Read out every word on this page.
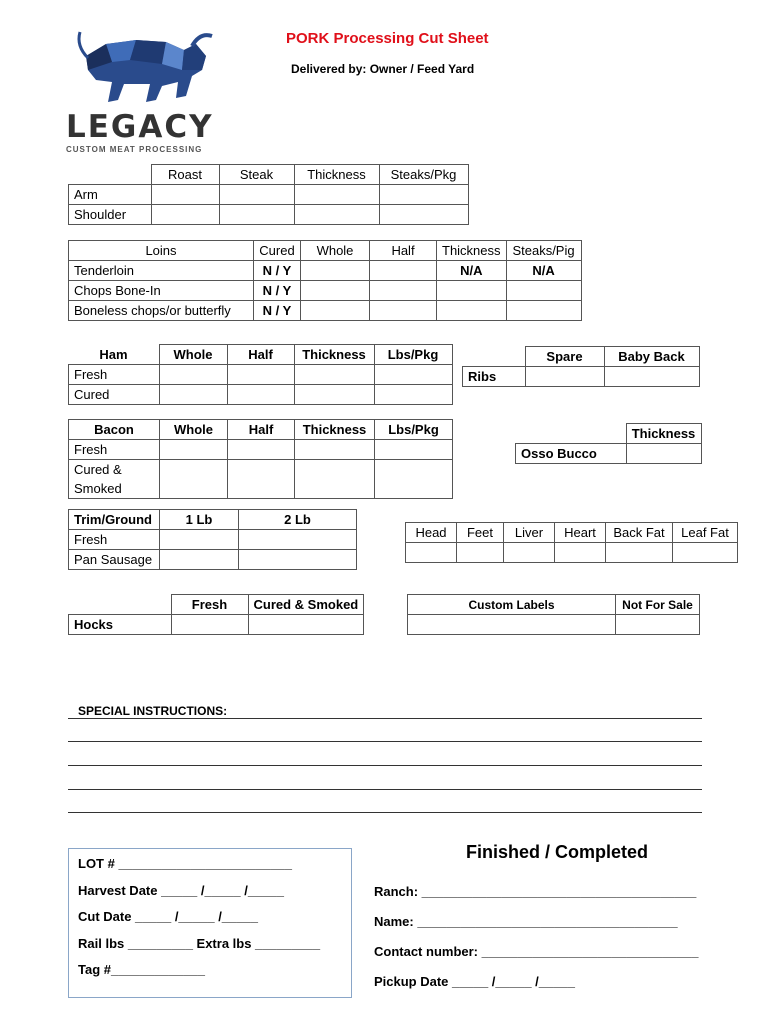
PORK Processing Cut Sheet
Delivered by: Owner / Feed Yard
LEGACY
CUSTOM MEAT PROCESSING
	Roast	Steak	Thickness	Steaks/Pkg
Arm				
Shoulder				
Loins	Cured	Whole	Half	Thickness	Steaks/Pig
Tenderloin	N / Y			N/A	N/A
Chops Bone-In	N / Y				
Boneless chops/or butterfly	N / Y				
Ham	Whole	Half	Thickness	Lbs/Pkg
Fresh				
Cured				
	Spare	Baby Back
Ribs		
Bacon	Whole	Half	Thickness	Lbs/Pkg
Fresh				
Cured &
Smoked				
	Thickness
Osso Bucco	
Trim/Ground	1 Lb	2 Lb
Fresh		
Pan Sausage		
Head	Feet	Liver	Heart	Back Fat	Leaf Fat

	Fresh	Cured & Smoked
Hocks		
Custom Labels	Not For Sale

SPECIAL INSTRUCTIONS:
LOT # ________________________
Harvest Date _____ /_____ /_____
Cut Date _____ /_____ /_____
Rail lbs _________ Extra lbs _________
Tag #_____________
Finished / Completed
Ranch: ______________________________________
Name: ____________________________________
Contact number: ______________________________
Pickup Date _____ /_____ /_____
